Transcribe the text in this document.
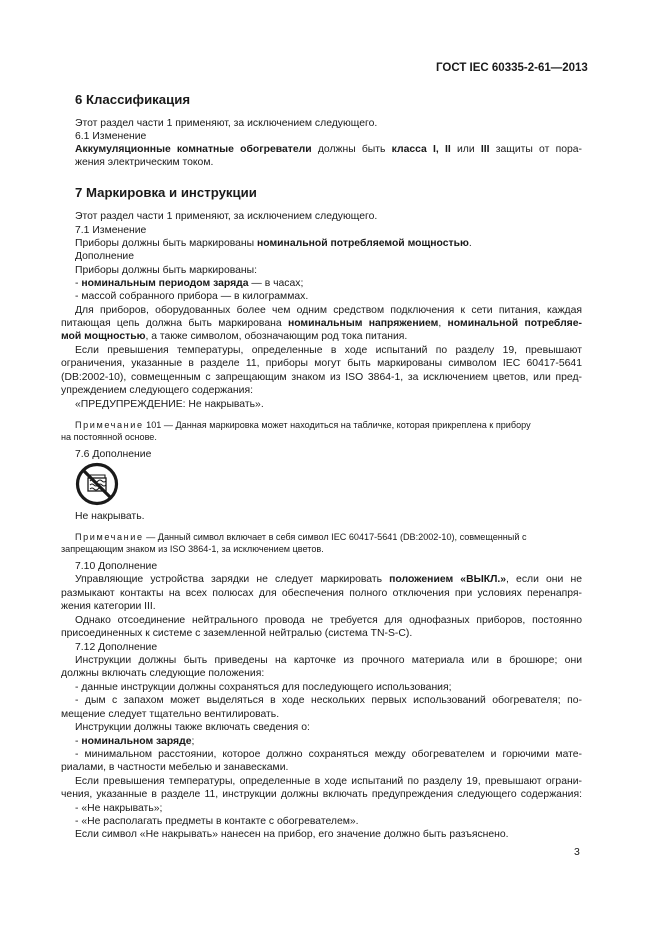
ГОСТ IEC 60335-2-61—2013
6 Классификация
Этот раздел части 1 применяют, за исключением следующего.
6.1 Изменение
Аккумуляционные комнатные обогреватели должны быть класса I, II или III защиты от пора-
жения электрическим током.
7 Маркировка и инструкции
Этот раздел части 1 применяют, за исключением следующего.
7.1 Изменение
Приборы должны быть маркированы номинальной потребляемой мощностью.
Дополнение
Приборы должны быть маркированы:
- номинальным периодом заряда — в часах;
- массой собранного прибора — в килограммах.
Для приборов, оборудованных более чем одним средством подключения к сети питания, каждая
питающая цепь должна быть маркирована номинальным напряжением, номинальной потребляе-
мой мощностью, а также символом, обозначающим род тока питания.
Если превышения температуры, определенные в ходе испытаний по разделу 19, превышают
ограничения, указанные в разделе 11, приборы могут быть маркированы символом IEC 60417-5641
(DB:2002-10), совмещенным с запрещающим знаком из ISO 3864-1, за исключением цветов, или пред-
упреждением следующего содержания:
«ПРЕДУПРЕЖДЕНИЕ: Не накрывать».
Примечание 101 — Данная маркировка может находиться на табличке, которая прикреплена к прибору
на постоянной основе.
7.6 Дополнение
Не накрывать.
Примечание — Данный символ включает в себя символ IEC 60417-5641 (DB:2002-10), совмещенный с
запрещающим знаком из ISO 3864-1, за исключением цветов.
7.10 Дополнение
Управляющие устройства зарядки не следует маркировать положением «ВЫКЛ.», если они не
размыкают контакты на всех полюсах для обеспечения полного отключения при условиях перенапря-
жения категории III.
Однако отсоединение нейтрального провода не требуется для однофазных приборов, постоянно
присоединенных к системе с заземленной нейтралью (система TN-S-C).
7.12 Дополнение
Инструкции должны быть приведены на карточке из прочного материала или в брошюре; они
должны включать следующие положения:
- данные инструкции должны сохраняться для последующего использования;
- дым с запахом может выделяться в ходе нескольких первых использований обогревателя; по-
мещение следует тщательно вентилировать.
Инструкции должны также включать сведения о:
- номинальном заряде;
- минимальном расстоянии, которое должно сохраняться между обогревателем и горючими мате-
риалами, в частности мебелью и занавесками.
Если превышения температуры, определенные в ходе испытаний по разделу 19, превышают ограни-
чения, указанные в разделе 11, инструкции должны включать предупреждения следующего содержания:
- «Не накрывать»;
- «Не располагать предметы в контакте с обогревателем».
Если символ «Не накрывать» нанесен на прибор, его значение должно быть разъяснено.
3
